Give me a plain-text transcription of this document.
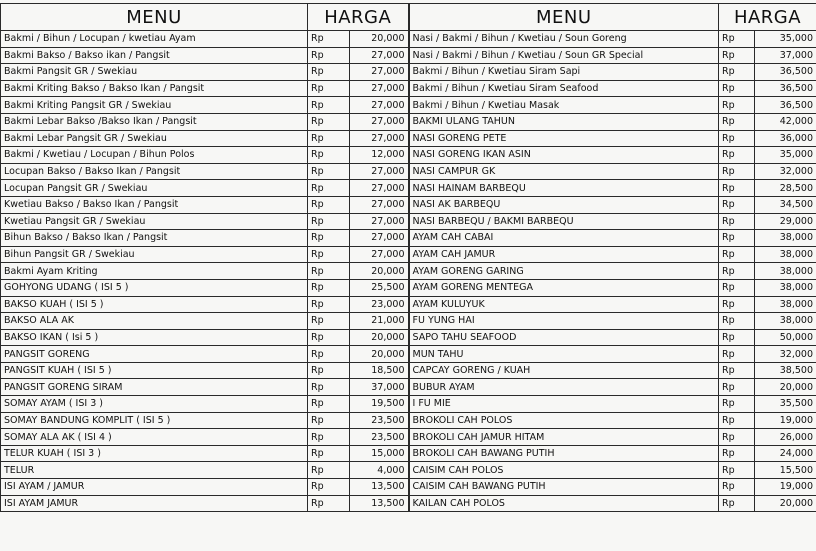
MENU	HARGA		MENU	HARGA	
Bakmi / Bihun / Locupan / kwetiau Ayam	Rp	20,000	Nasi / Bakmi / Bihun / Kwetiau / Soun Goreng	Rp	35,000
Bakmi Bakso / Bakso ikan / Pangsit	Rp	27,000	Nasi / Bakmi / Bihun / Kwetiau / Soun GR Special	Rp	37,000
Bakmi Pangsit GR / Swekiau	Rp	27,000	Bakmi / Bihun / Kwetiau Siram Sapi	Rp	36,500
Bakmi Kriting Bakso / Bakso Ikan / Pangsit	Rp	27,000	Bakmi / Bihun / Kwetiau Siram Seafood	Rp	36,500
Bakmi Kriting Pangsit GR / Swekiau	Rp	27,000	Bakmi / Bihun / Kwetiau Masak	Rp	36,500
Bakmi Lebar Bakso /Bakso Ikan / Pangsit	Rp	27,000	BAKMI ULANG TAHUN	Rp	42,000
Bakmi Lebar Pangsit GR / Swekiau	Rp	27,000	NASI GORENG PETE	Rp	36,000
Bakmi / Kwetiau / Locupan / Bihun Polos	Rp	12,000	NASI GORENG IKAN ASIN	Rp	35,000
Locupan Bakso / Bakso Ikan / Pangsit	Rp	27,000	NASI CAMPUR GK	Rp	32,000
Locupan Pangsit GR / Swekiau	Rp	27,000	NASI HAINAM BARBEQU	Rp	28,500
Kwetiau Bakso / Bakso Ikan / Pangsit	Rp	27,000	NASI AK BARBEQU	Rp	34,500
Kwetiau Pangsit GR / Swekiau	Rp	27,000	NASI BARBEQU / BAKMI BARBEQU	Rp	29,000
Bihun Bakso / Bakso Ikan / Pangsit	Rp	27,000	AYAM CAH CABAI	Rp	38,000
Bihun Pangsit GR / Swekiau	Rp	27,000	AYAM CAH JAMUR	Rp	38,000
Bakmi Ayam Kriting	Rp	20,000	AYAM GORENG GARING	Rp	38,000
GOHYONG UDANG ( ISI 5 )	Rp	25,500	AYAM GORENG MENTEGA	Rp	38,000
BAKSO KUAH ( ISI 5 )	Rp	23,000	AYAM KULUYUK	Rp	38,000
BAKSO ALA AK	Rp	21,000	FU YUNG HAI	Rp	38,000
BAKSO IKAN ( Isi 5 )	Rp	20,000	SAPO TAHU SEAFOOD	Rp	50,000
PANGSIT GORENG	Rp	20,000	MUN TAHU	Rp	32,000
PANGSIT KUAH ( ISI 5 )	Rp	18,500	CAPCAY GORENG / KUAH	Rp	38,500
PANGSIT GORENG SIRAM	Rp	37,000	BUBUR AYAM	Rp	20,000
SOMAY AYAM ( ISI 3 )	Rp	19,500	I FU MIE	Rp	35,500
SOMAY BANDUNG KOMPLIT ( ISI 5 )	Rp	23,500	BROKOLI CAH POLOS	Rp	19,000
SOMAY ALA AK ( ISI 4 )	Rp	23,500	BROKOLI CAH JAMUR HITAM	Rp	26,000
TELUR KUAH ( ISI 3 )	Rp	15,000	BROKOLI CAH BAWANG PUTIH	Rp	24,000
TELUR	Rp	4,000	CAISIM CAH POLOS	Rp	15,500
ISI AYAM / JAMUR	Rp	13,500	CAISIM CAH BAWANG PUTIH	Rp	19,000
ISI AYAM JAMUR	Rp	13,500	KAILAN CAH POLOS	Rp	20,000
